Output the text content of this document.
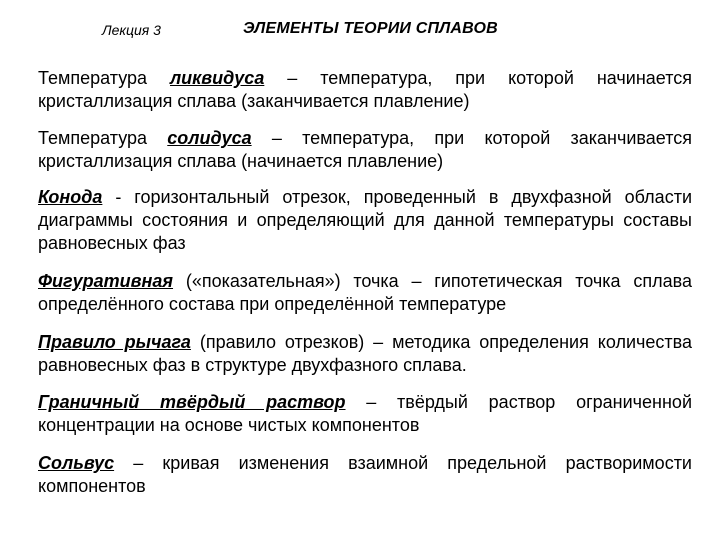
Лекция 3	ЭЛЕМЕНТЫ ТЕОРИИ СПЛАВОВ
Температура ликвидуса – температура, при которой начинается кристаллизация сплава (заканчивается плавление)
Температура солидуса – температура, при которой заканчивается кристаллизация сплава (начинается плавление)
Конода - горизонтальный отрезок, проведенный в двухфазной области диаграммы состояния и определяющий для данной температуры составы равновесных фаз
Фигуративная («показательная») точка – гипотетическая точка сплава определённого состава при определённой температуре
Правило рычага (правило отрезков) – методика определения количества равновесных фаз в структуре двухфазного сплава.
Граничный твёрдый раствор – твёрдый раствор ограниченной концентрации на основе чистых компонентов
Сольвус – кривая изменения взаимной предельной растворимости компонентов
